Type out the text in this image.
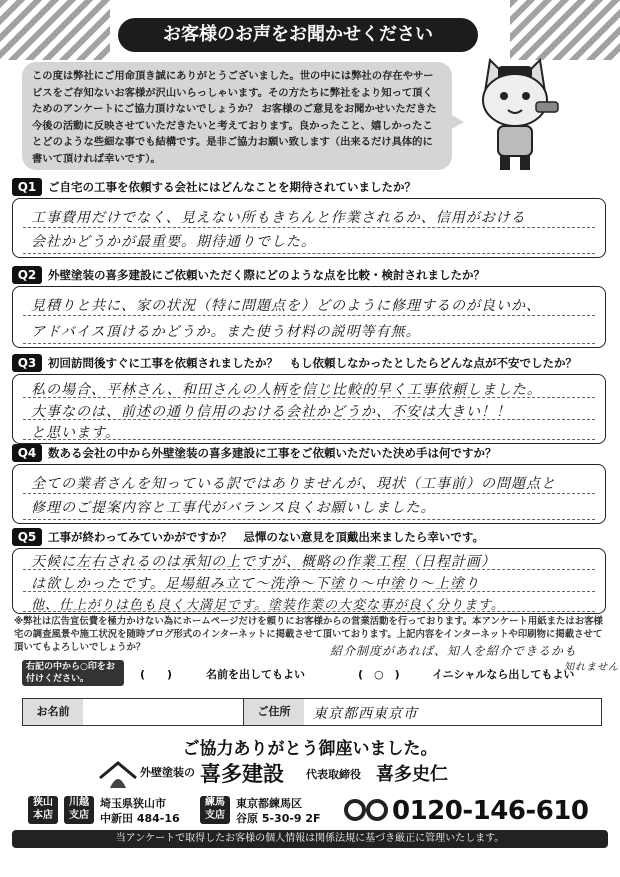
お客様のお声をお聞かせください
この度は弊社にご用命頂き誠にありがとうございました。世の中には弊社の存在やサービスをご存知ないお客様が沢山いらっしゃいます。その方たちに弊社をより知って頂くためのアンケートにご協力頂けないでしょうか？ お客様のご意見をお聞かせいただきた今後の活動に反映させていただきたいと考えております。良かったこと、嬉しかったことどのような些細な事でも結構です。是非ご協力お願い致します（出来るだけ具体的に書いて頂ければ幸いです）。
Q1	ご自宅の工事を依頼する会社にはどんなことを期待されていましたか？
工事費用だけでなく、見えない所もきちんと作業されるか、信用がおける
会社かどうかが最重要。期待通りでした。
Q2	外壁塗装の喜多建設にご依頼いただく際にどのような点を比較・検討されましたか？
見積りと共に、家の状況（特に問題点を）どのように修理するのが良いか、
アドバイス頂けるかどうか。また使う材料の説明等有無。
Q3	初回訪問後すぐに工事を依頼されましたか？　もし依頼しなかったとしたらどんな点が不安でしたか？
私の場合、平林さん、和田さんの人柄を信じ比較的早く工事依頼しました。
大事なのは、前述の通り信用のおける会社かどうか、不安は大きい！！
と思います。
Q4	数ある会社の中から外壁塗装の喜多建設に工事をご依頼いただいた決め手は何ですか？
全ての業者さんを知っている訳ではありませんが、現状（工事前）の問題点と
修理のご提案内容と工事代がバランス良くお願いしました。
Q5	工事が終わってみていかがですか？　忌憚のない意見を頂戴出来ましたら幸いです。
天候に左右されるのは承知の上ですが、概略の作業工程（日程計画）
は欲しかったです。足場組み立て～洗浄～下塗り～中塗り～上塗り
他、仕上がりは色も良く大満足です。塗装作業の大変な事が良く分ります。
※弊社は広告宣伝費を極力かけない為にホームページだけを頼りにお客様からの営業活動を行っております。本アンケート用紙またはお客様宅の調査風景や施工状況を随時ブログ形式のインターネットに掲載させて頂いております。上記内容をインターネットや印刷物に掲載させて頂いてもよろしいでしょうか？	紹介制度があれば、知人を紹介できるかも
知れません
右記の中から○印をお付けください。	(　　)	名前を出してもよい	(　○　)	イニシャルなら出してもよい
お名前	ご住所	東京都西東京市
ご協力ありがとう御座いました。
外壁塗装の 喜多建設 代表取締役 喜多史仁
狭山
本店
川越
支店
埼玉県狭山市
中新田 484-16
練馬
支店
東京都練馬区
谷原 5-30-9 2F	0120-146-610
当アンケートで取得したお客様の個人情報は関係法規に基づき厳正に管理いたします。
